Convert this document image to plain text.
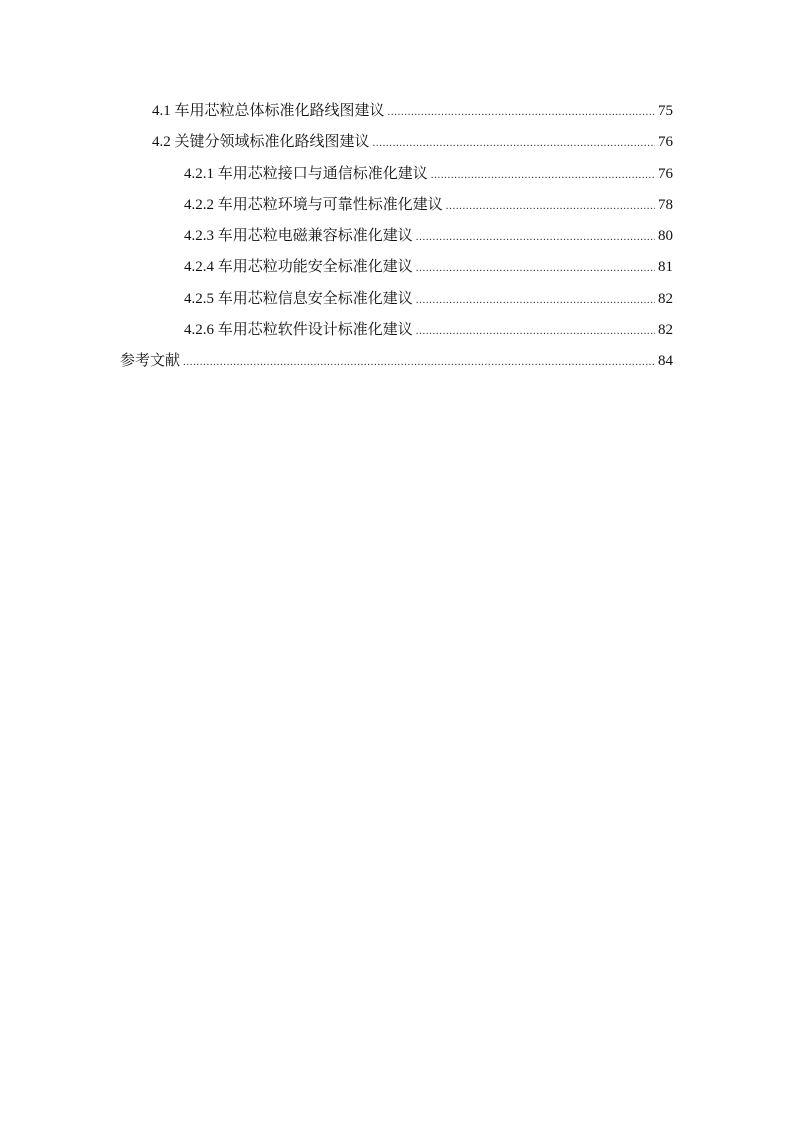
4.1 车用芯粒总体标准化路线图建议 .....	75
4.2 关键分领域标准化路线图建议 .....	76
4.2.1 车用芯粒接口与通信标准化建议 .....	76
4.2.2 车用芯粒环境与可靠性标准化建议 .....	78
4.2.3 车用芯粒电磁兼容标准化建议 .....	80
4.2.4 车用芯粒功能安全标准化建议 .....	81
4.2.5 车用芯粒信息安全标准化建议 .....	82
4.2.6 车用芯粒软件设计标准化建议 .....	82
参考文献 .....	84
